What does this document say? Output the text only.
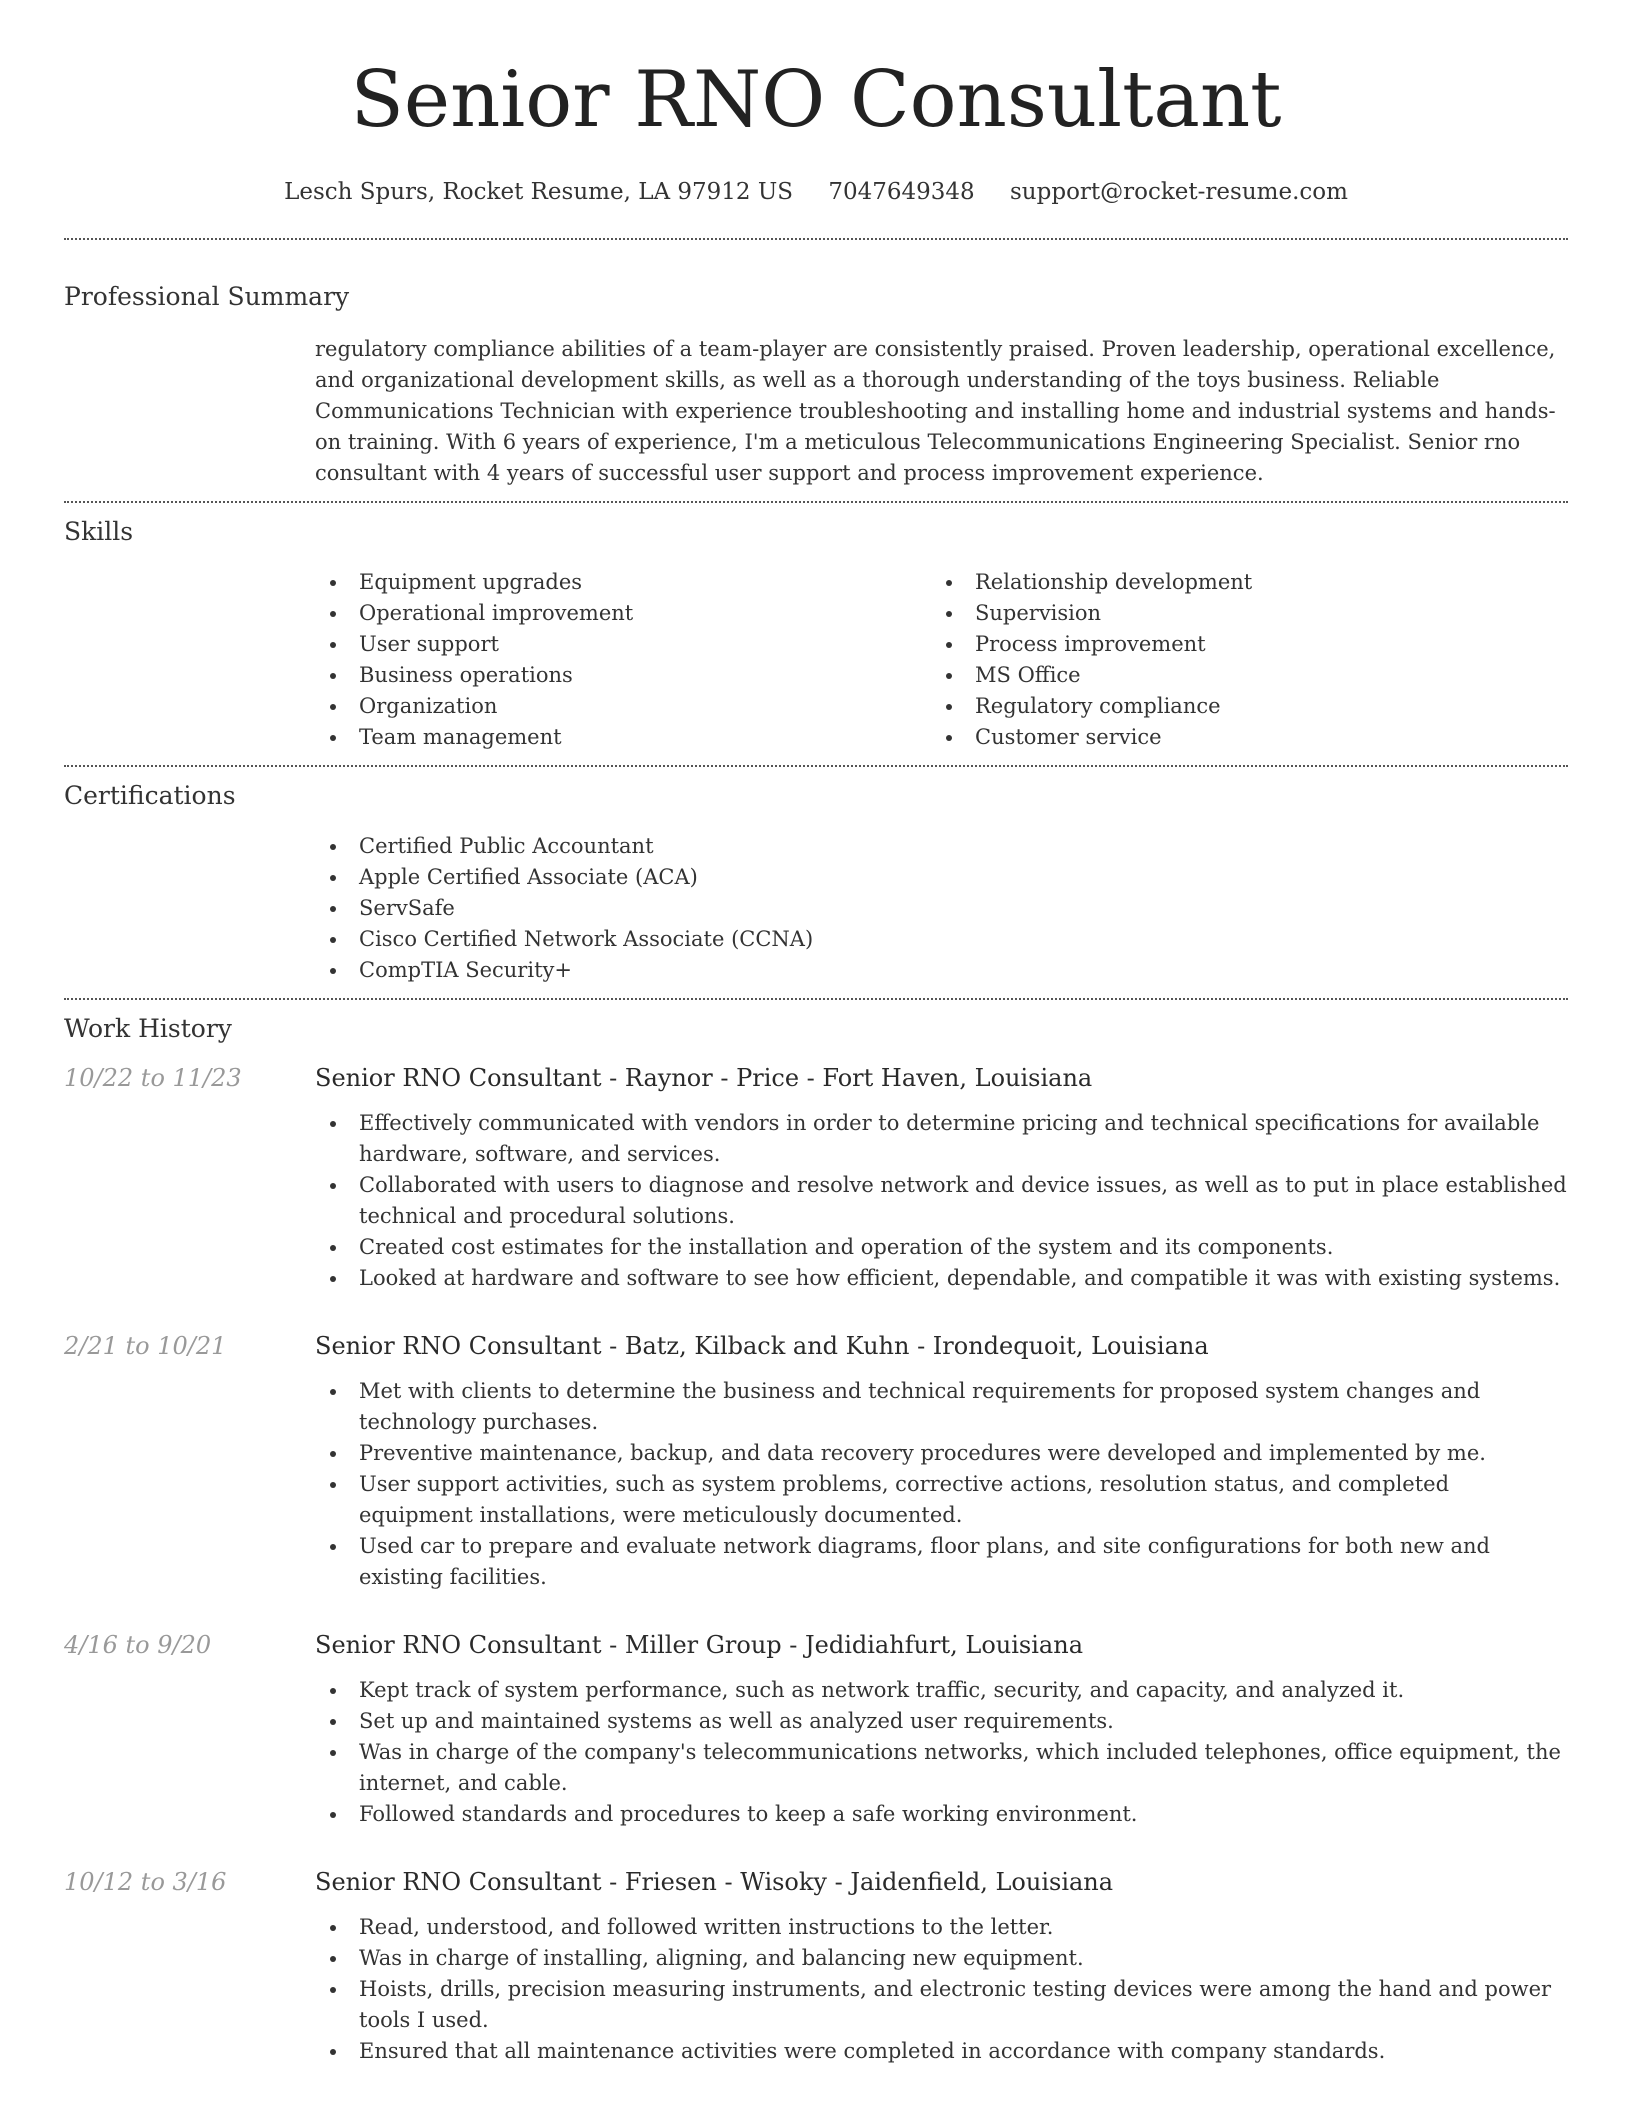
Senior RNO Consultant
Lesch Spurs, Rocket Resume, LA 97912 US 7047649348 support@rocket-resume.com
Professional Summary

regulatory compliance abilities of a team-player are consistently praised. Proven leadership, operational excellence, and organizational development skills, as well as a thorough understanding of the toys business. Reliable Communications Technician with experience troubleshooting and installing home and industrial systems and hands-on training. With 6 years of experience, I'm a meticulous Telecommunications Engineering Specialist. Senior rno consultant with 4 years of successful user support and process improvement experience.

Skills
Equipment upgrades
Operational improvement
User support
Business operations
Organization
Team management
Relationship development
Supervision
Process improvement
MS Office
Regulatory compliance
Customer service
Certifications
Certified Public Accountant
Apple Certified Associate (ACA)
ServSafe
Cisco Certified Network Associate (CCNA)
CompTIA Security+
Work History
10/22 to 11/23	Senior RNO Consultant - Raynor - Price - Fort Haven, Louisiana
Effectively communicated with vendors in order to determine pricing and technical specifications for available hardware, software, and services.
Collaborated with users to diagnose and resolve network and device issues, as well as to put in place established technical and procedural solutions.
Created cost estimates for the installation and operation of the system and its components.
Looked at hardware and software to see how efficient, dependable, and compatible it was with existing systems.
2/21 to 10/21	Senior RNO Consultant - Batz, Kilback and Kuhn - Irondequoit, Louisiana
Met with clients to determine the business and technical requirements for proposed system changes and technology purchases.
Preventive maintenance, backup, and data recovery procedures were developed and implemented by me.
User support activities, such as system problems, corrective actions, resolution status, and completed equipment installations, were meticulously documented.
Used car to prepare and evaluate network diagrams, floor plans, and site configurations for both new and existing facilities.
4/16 to 9/20	Senior RNO Consultant - Miller Group - Jedidiahfurt, Louisiana
Kept track of system performance, such as network traffic, security, and capacity, and analyzed it.
Set up and maintained systems as well as analyzed user requirements.
Was in charge of the company's telecommunications networks, which included telephones, office equipment, the internet, and cable.
Followed standards and procedures to keep a safe working environment.
10/12 to 3/16	Senior RNO Consultant - Friesen - Wisoky - Jaidenfield, Louisiana
Read, understood, and followed written instructions to the letter.
Was in charge of installing, aligning, and balancing new equipment.
Hoists, drills, precision measuring instruments, and electronic testing devices were among the hand and power tools I used.
Ensured that all maintenance activities were completed in accordance with company standards.
